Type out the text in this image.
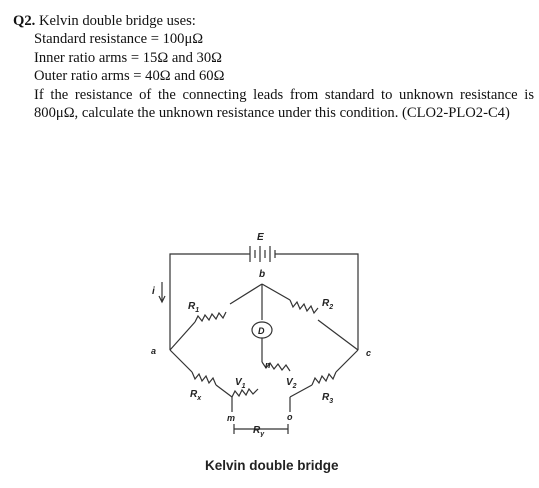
Q2. Kelvin double bridge uses:
Standard resistance = 100μΩ
Inner ratio arms = 15Ω and 30Ω
Outer ratio arms = 40Ω and 60Ω
If the resistance of the connecting leads from standard to unknown resistance is 800μΩ, calculate the unknown resistance under this condition. (CLO2-PLO2-C4)
E
b
i
a	c
$R_1$
$R_2$
$R_x$	$R_3$
D
$V_1$	$V_2$
n
m	o
$R_y$
Kelvin double bridge
